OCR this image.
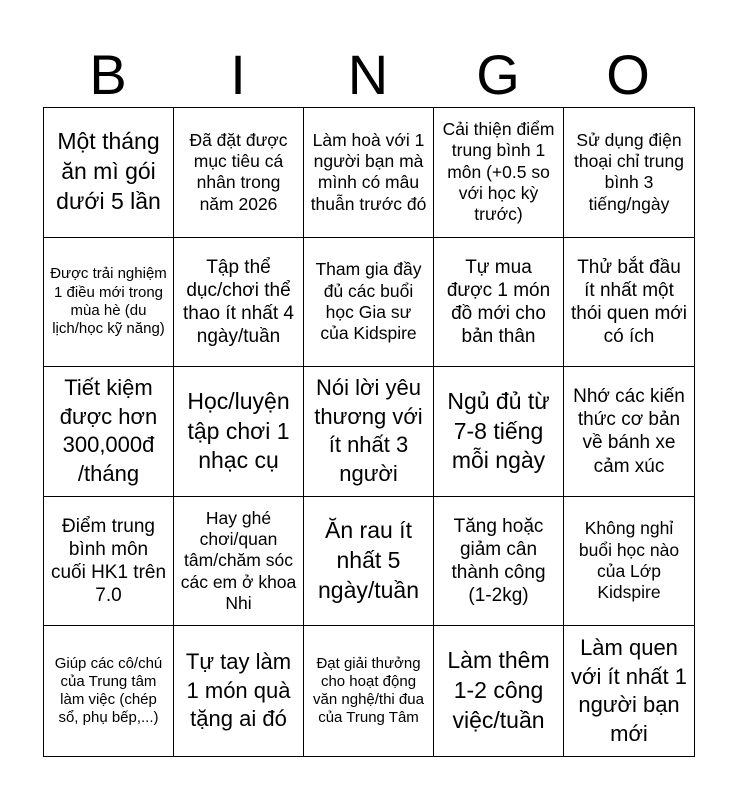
B	I	N	G	O
Một tháng ăn mì gói dưới 5 lần
Đã đặt được mục tiêu cá nhân trong năm 2026
Làm hoà với 1 người bạn mà mình có mâu thuẫn trước đó
Cải thiện điểm trung bình 1 môn (+0.5 so với học kỳ trước)
Sử dụng điện thoại chỉ trung bình 3 tiếng/ngày
Được trải nghiệm 1 điều mới trong mùa hè (du lịch/học kỹ năng)
Tập thể dục/chơi thể thao ít nhất 4 ngày/tuần
Tham gia đầy đủ các buổi học Gia sư của Kidspire
Tự mua được 1 món đồ mới cho bản thân
Thử bắt đầu ít nhất một thói quen mới có ích
Tiết kiệm được hơn 300,000đ /tháng
Học/luyện tập chơi 1 nhạc cụ
Nói lời yêu thương với ít nhất 3 người
Ngủ đủ từ 7-8 tiếng mỗi ngày
Nhớ các kiến thức cơ bản về bánh xe cảm xúc
Điểm trung bình môn cuối HK1 trên 7.0
Hay ghé chơi/quan tâm/chăm sóc các em ở khoa Nhi
Ăn rau ít nhất 5 ngày/tuần
Tăng hoặc giảm cân thành công (1-2kg)
Không nghỉ buổi học nào của Lớp Kidspire
Giúp các cô/chú của Trung tâm làm việc (chép sổ, phụ bếp,...)
Tự tay làm 1 món quà tặng ai đó
Đạt giải thưởng cho hoạt động văn nghệ/thi đua của Trung Tâm
Làm thêm 1-2 công việc/tuần
Làm quen với ít nhất 1 người bạn mới
